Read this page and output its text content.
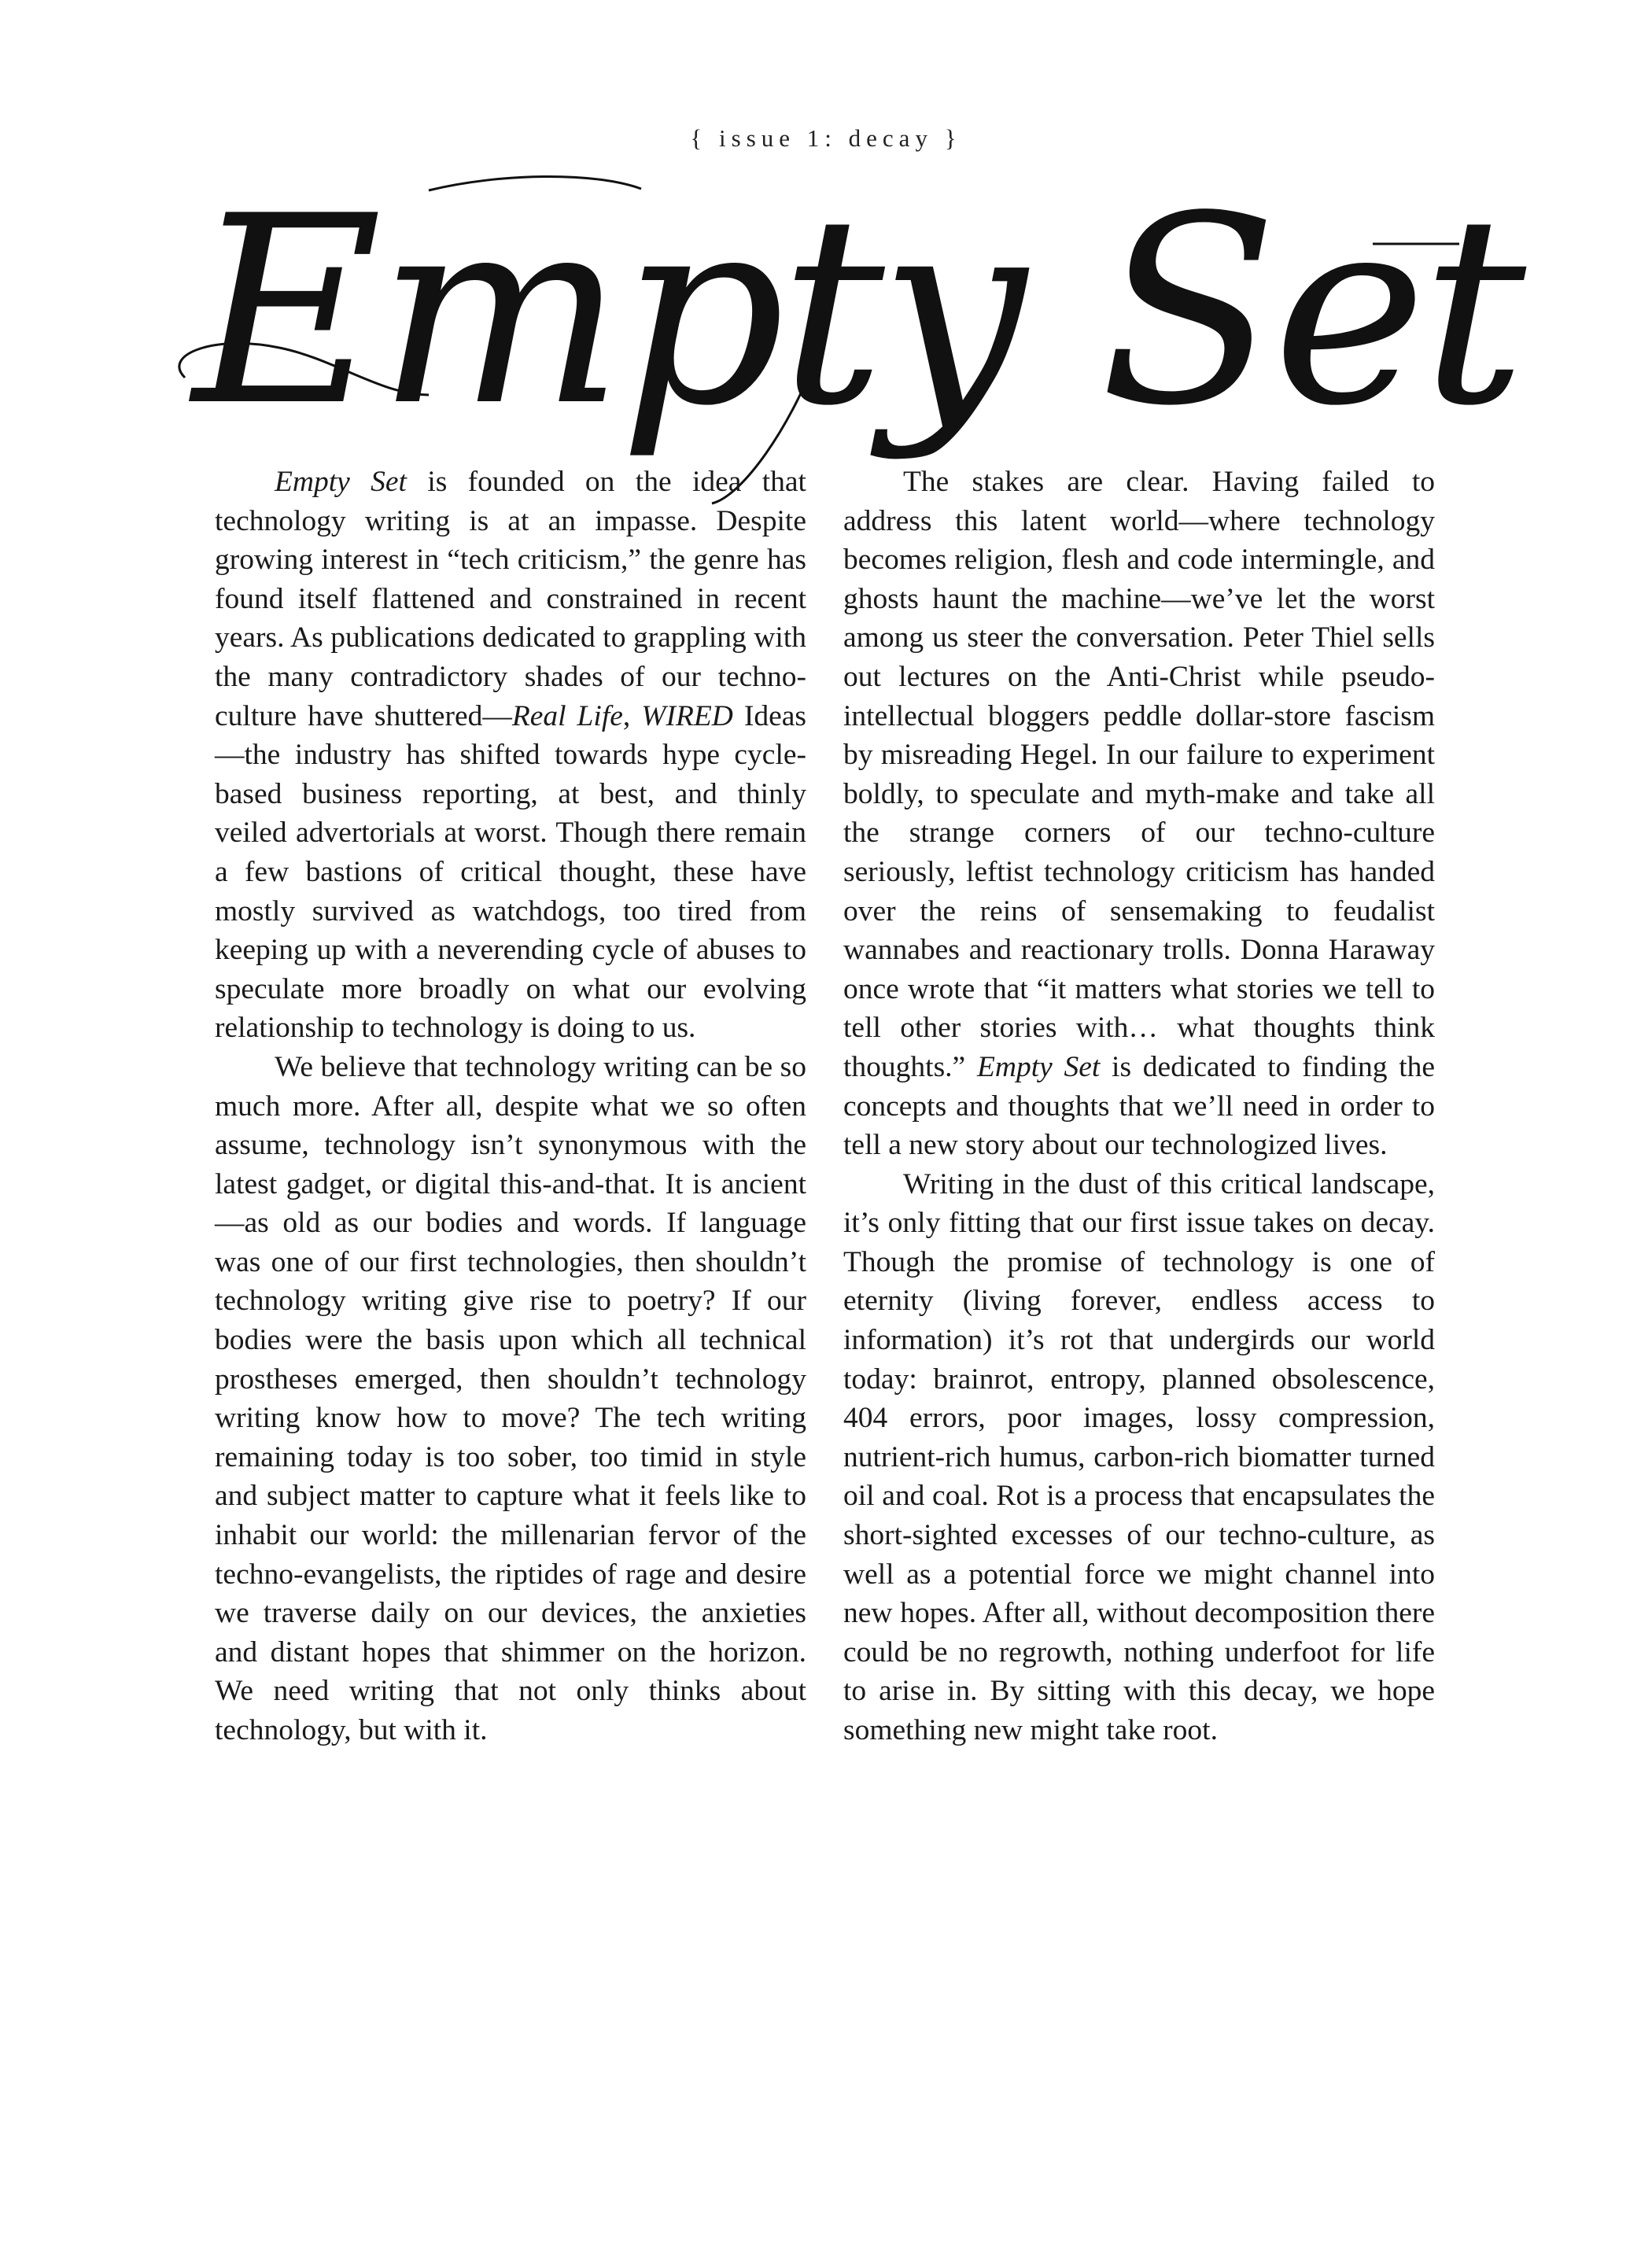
{ issue 1: decay }
Empty Set

Empty Set is founded on the idea that technology writing is at an impasse. Despite growing interest in “tech criticism,” the genre has found itself flattened and constrained in recent years. As publications dedicated to grappling with the many contradictory shades of our techno-culture have shuttered—Real Life, WIRED Ideas—the industry has shifted towards hype cycle-based business reporting, at best, and thinly veiled advertorials at worst. Though there remain a few bastions of critical thought, these have mostly survived as watchdogs, too tired from keeping up with a neverending cycle of abuses to speculate more broadly on what our evolving relationship to technology is doing to us.

We believe that technology writing can be so much more. After all, despite what we so often assume, technology isn’t synonymous with the latest gadget, or digital this-and-that. It is ancient—as old as our bodies and words. If language was one of our first technologies, then shouldn’t technology writing give rise to poetry? If our bodies were the basis upon which all technical prostheses emerged, then shouldn’t technology writing know how to move? The tech writing remaining today is too sober, too timid in style and subject matter to capture what it feels like to inhabit our world: the millenarian fervor of the techno-evangelists, the riptides of rage and desire we traverse daily on our devices, the anxieties and distant hopes that shimmer on the horizon. We need writing that not only thinks about technology, but with it.

The stakes are clear. Having failed to address this latent world—where technology becomes religion, flesh and code intermingle, and ghosts haunt the machine—we’ve let the worst among us steer the conversation. Peter Thiel sells out lectures on the Anti-Christ while pseudo-intellectual bloggers peddle dollar-store fascism by misreading Hegel. In our failure to experiment boldly, to speculate and myth-make and take all the strange corners of our techno-culture seriously, leftist technology criticism has handed over the reins of sensemaking to feudalist wannabes and reactionary trolls. Donna Haraway once wrote that “it matters what stories we tell to tell other stories with… what thoughts think thoughts.” Empty Set is dedicated to finding the concepts and thoughts that we’ll need in order to tell a new story about our technologized lives.

Writing in the dust of this critical landscape, it’s only fitting that our first issue takes on decay. Though the promise of technology is one of eternity (living forever, endless access to information) it’s rot that undergirds our world today: brainrot, entropy, planned obsolescence, 404 errors, poor images, lossy compression, nutrient-rich humus, carbon-rich biomatter turned oil and coal. Rot is a process that encapsulates the short-sighted excesses of our techno-culture, as well as a potential force we might channel into new hopes. After all, without decomposition there could be no regrowth, nothing underfoot for life to arise in. By sitting with this decay, we hope something new might take root.
